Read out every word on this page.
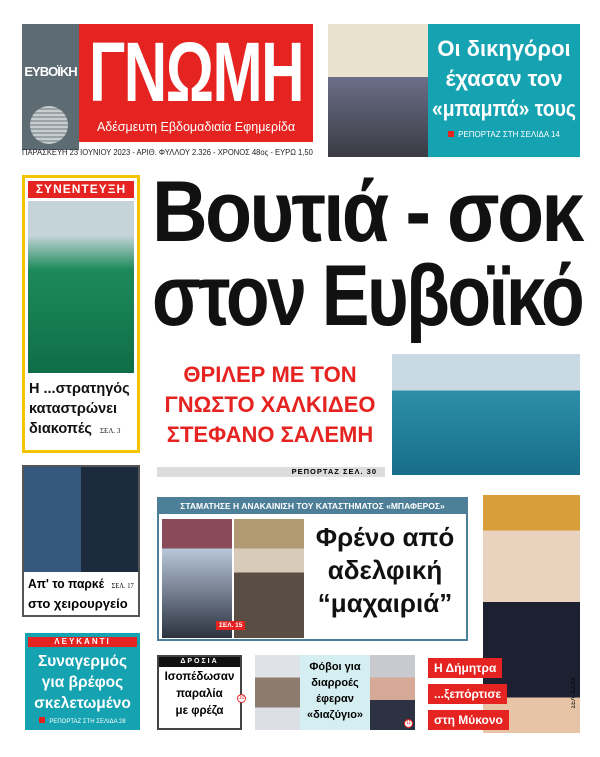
ΕΥΒΟΪΚΗ ΓΝΩΜΗ
Αδέσμευτη Εβδομαδιαία Εφημερίδα
ΠΑΡΑΣΚΕΥΗ 23 ΙΟΥΝΙΟΥ 2023 - ΑΡΙΘ. ΦΥΛΛΟΥ 2.326 - ΧΡΟΝΟΣ 48ος - ΕΥΡΩ 1,50
Οι δικηγόροι
έχασαν τον
«μπαμπά» τους
ΡΕΠΟΡΤΑΖ ΣΤΗ ΣΕΛΙΔΑ 14
ΣΥΝΕΝΤΕΥΞΗ
Η ...στρατηγός
καταστρώνει
διακοπές ΣΕΛ. 3
Βουτιά - σοκ
στον Ευβοϊκό
ΘΡΙΛΕΡ ΜΕ ΤΟΝ
ΓΝΩΣΤΟ ΧΑΛΚΙΔΕΟ
ΣΤΕΦΑΝΟ ΣΑΛΕΜΗ
ΡΕΠΟΡΤΑΖ ΣΕΛ. 30
Απ' το παρκέ ΣΕΛ. 17
στο χειρουργείο
ΛΕΥΚΑΝΤΙ
Συναγερμός
για βρέφος
σκελετωμένο
ΡΕΠΟΡΤΑΖ ΣΤΗ ΣΕΛΙΔΑ 28
ΣΤΑΜΑΤΗΣΕ Η ΑΝΑΚΑΙΝΙΣΗ ΤΟΥ ΚΑΤΑΣΤΗΜΑΤΟΣ «ΜΠΑΦΕΡΟΣ»
ΣΕΛ. 15
Φρένο από
αδελφική
“μαχαιριά”
ΔΡΟΣΙΑ
Ισοπέδωσαν
παραλία
με φρέζα
10
Φόβοι για
διαρροές
έφεραν
«διαζύγιο»
11
ΣΕΛ. 12-13
Η Δήμητρα
...ξεπόρτισε
στη Μύκονο
